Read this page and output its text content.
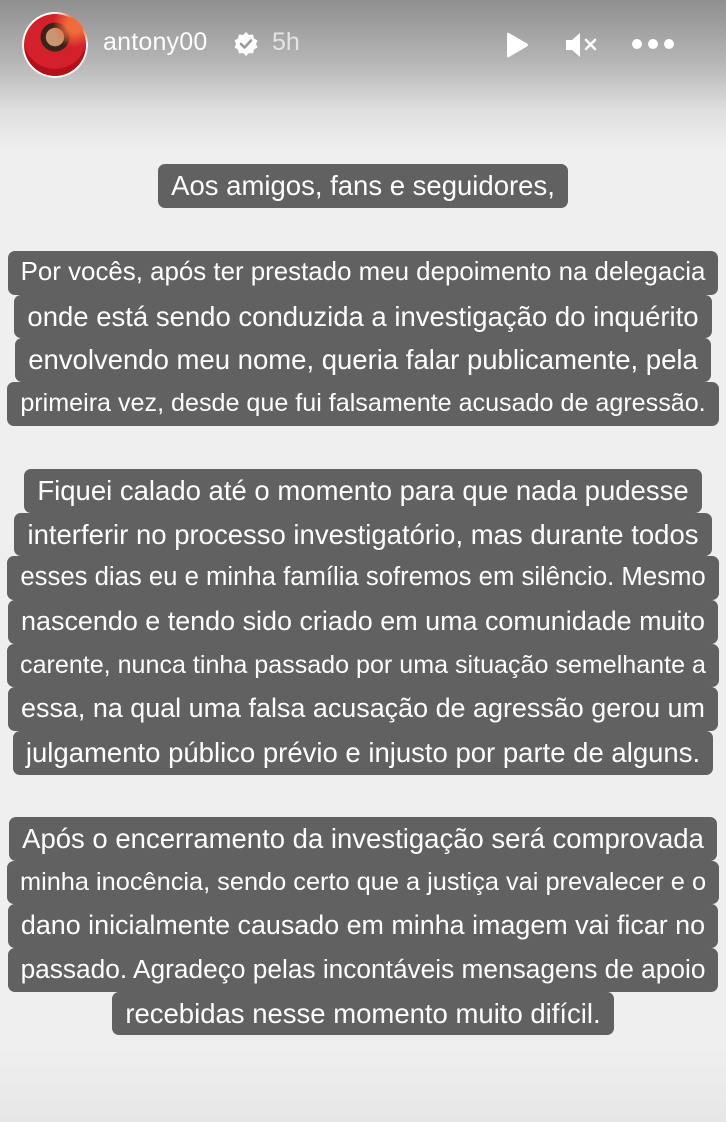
antony00	5h
Aos amigos, fans e seguidores,
Por vocês, após ter prestado meu depoimento na delegacia
onde está sendo conduzida a investigação do inquérito
envolvendo meu nome, queria falar publicamente, pela
primeira vez, desde que fui falsamente acusado de agressão.
Fiquei calado até o momento para que nada pudesse
interferir no processo investigatório, mas durante todos
esses dias eu e minha família sofremos em silêncio. Mesmo
nascendo e tendo sido criado em uma comunidade muito
carente, nunca tinha passado por uma situação semelhante a
essa, na qual uma falsa acusação de agressão gerou um
julgamento público prévio e injusto por parte de alguns.
Após o encerramento da investigação será comprovada
minha inocência, sendo certo que a justiça vai prevalecer e o
dano inicialmente causado em minha imagem vai ficar no
passado. Agradeço pelas incontáveis mensagens de apoio
recebidas nesse momento muito difícil.
